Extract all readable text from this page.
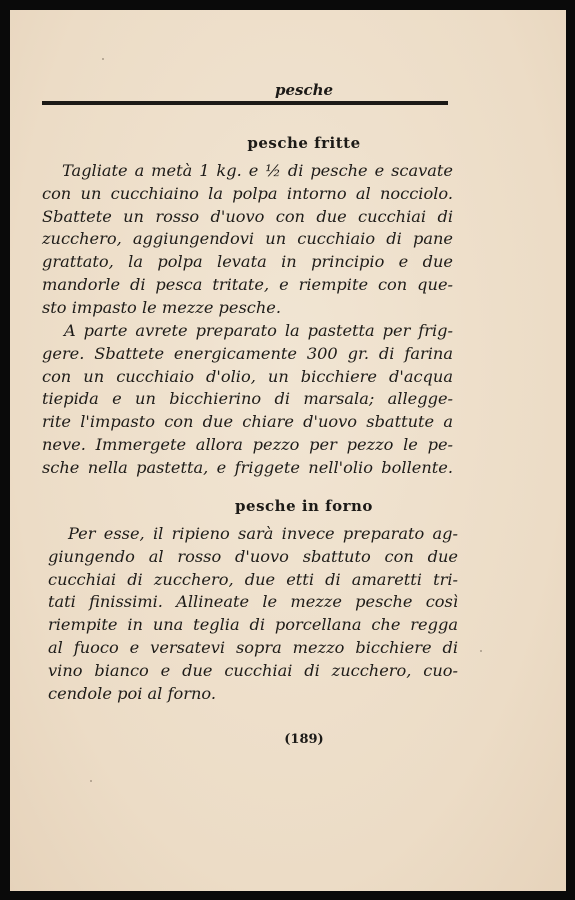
pesche
pesche fritte

Tagliate a metà 1 kg. e ½ di pesche e scavate
con un cucchiaino la polpa intorno al nocciolo.
Sbattete un rosso d'uovo con due cucchiai di
zucchero, aggiungendovi un cucchiaio di pane
grattato, la polpa levata in principio e due
mandorle di pesca tritate, e riempite con que-
sto impasto le mezze pesche.

A parte avrete preparato la pastetta per frig-
gere. Sbattete energicamente 300 gr. di farina
con un cucchiaio d'olio, un bicchiere d'acqua
tiepida e un bicchierino di marsala; allegge-
rite l'impasto con due chiare d'uovo sbattute a
neve. Immergete allora pezzo per pezzo le pe-
sche nella pastetta, e friggete nell'olio bollente.

pesche in forno

Per esse, il ripieno sarà invece preparato ag-
giungendo al rosso d'uovo sbattuto con due
cucchiai di zucchero, due etti di amaretti tri-
tati finissimi. Allineate le mezze pesche così
riempite in una teglia di porcellana che regga
al fuoco e versatevi sopra mezzo bicchiere di
vino bianco e due cucchiai di zucchero, cuo-
cendole poi al forno.

(189)
